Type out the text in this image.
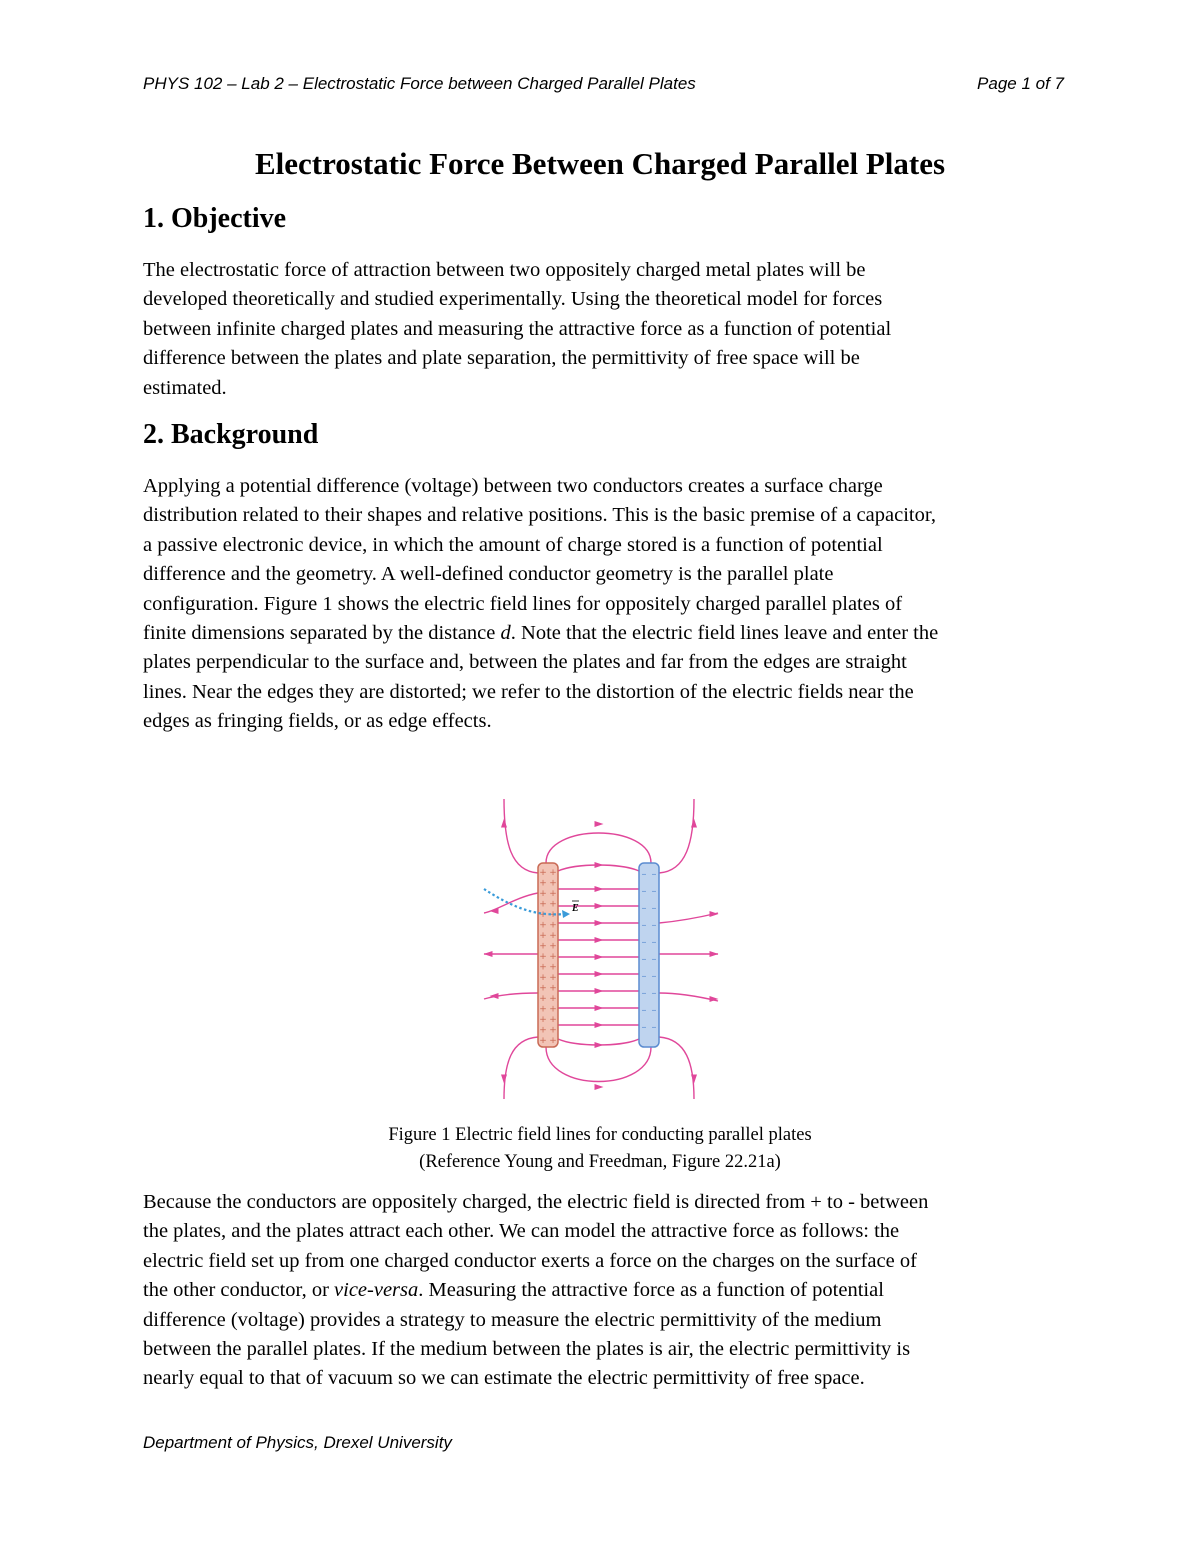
PHYS 102 – Lab 2 – Electrostatic Force between Charged Parallel Plates	Page 1 of 7
Electrostatic Force Between Charged Parallel Plates
1. Objective

The electrostatic force of attraction between two oppositely charged metal plates will be
developed theoretically and studied experimentally. Using the theoretical model for forces
between infinite charged plates and measuring the attractive force as a function of potential
difference between the plates and plate separation, the permittivity of free space will be
estimated.

2. Background

Applying a potential difference (voltage) between two conductors creates a surface charge
distribution related to their shapes and relative positions. This is the basic premise of a capacitor,
a passive electronic device, in which the amount of charge stored is a function of potential
difference and the geometry. A well-defined conductor geometry is the parallel plate
configuration. Figure 1 shows the electric field lines for oppositely charged parallel plates of
finite dimensions separated by the distance d. Note that the electric field lines leave and enter the
plates perpendicular to the surface and, between the plates and far from the edges are straight
lines. Near the edges they are distorted; we refer to the distortion of the electric fields near the
edges as fringing fields, or as edge effects.

+ +
+ +
+ +
+ +
+ +
+ +
+ +
+ +
+ +
+ +
+ +
+ +
+ +
+ +
+ +
+ +
+ +
– –
– –
– –
– –
– –
– –
– –
– –
– –
– –
E
Figure 1 Electric field lines for conducting parallel plates
(Reference Young and Freedman, Figure 22.21a)

Because the conductors are oppositely charged, the electric field is directed from + to - between
the plates, and the plates attract each other. We can model the attractive force as follows: the
electric field set up from one charged conductor exerts a force on the charges on the surface of
the other conductor, or vice-versa. Measuring the attractive force as a function of potential
difference (voltage) provides a strategy to measure the electric permittivity of the medium
between the parallel plates. If the medium between the plates is air, the electric permittivity is
nearly equal to that of vacuum so we can estimate the electric permittivity of free space.

Department of Physics, Drexel University
